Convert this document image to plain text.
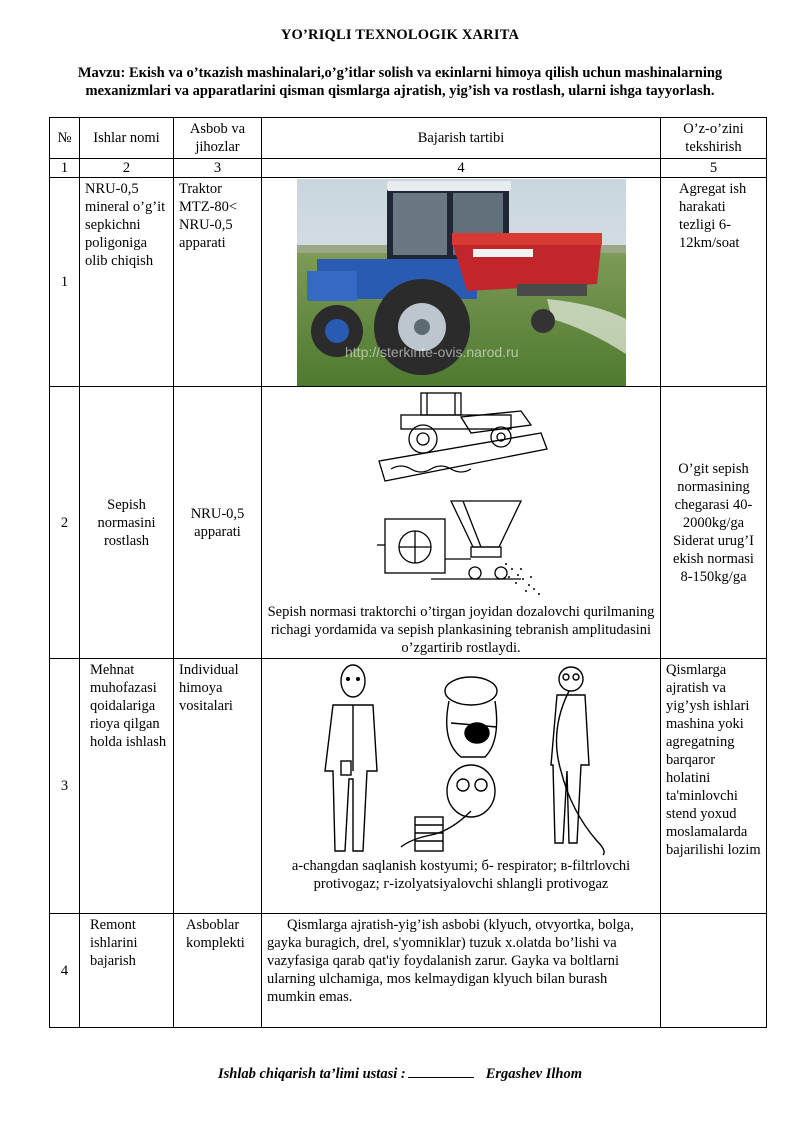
YO’RIQLI TEXNOLOGIK XARITA
Mavzu: Eкish va o’tкazish mashinalari,o’g’itlar solish va eкinlarni himoya qilish uchun mashinalarning mexanizmlari va apparatlarini qisman qismlarga ajratish, yig’ish va rostlash, ularni ishga tayyorlash.
№	Ishlar nomi	Asbob va jihozlar	Bajarish tartibi	O’z-o’zini tekshirish
1	2	3	4	5
1	NRU-0,5 mineral o’g’it sepkichni poligoniga olib chiqish	Traktor MTZ-80< NRU-0,5 apparati	http://sterkinte-ovis.narod.ru	Agregat ish harakati tezligi 6-12km/soat

2	Sepish normasini rostlash	NRU-0,5 apparati	Sepish normasi traktorchi o’tirgan joyidan dozalovchi qurilmaning richagi yordamida va sepish plankasining tebranish amplitudasini o’zgartirib rostlaydi.	O’git sepish normasining chegarasi 40-2000kg/ga Siderat urug’I ekish normasi 8-150kg/ga
3	Mehnat muhofazasi qoidalariga rioya qilgan holda ishlash	Individual himoya vositalari	a-changdan saqlanish kostyumi; б- respirator; в-filtrlovchi protivogaz; г-izolyatsiyalovchi shlangli protivogaz	Qismlarga ajratish va yig’ysh ishlari mashina yoki agregatning barqaror holatini ta'minlovchi stend yoxud moslamalarda bajarilishi lozim
4	Remont ishlarini bajarish	Asboblar komplekti	Qismlarga ajratish-yig’ish asbobi (klyuch, otvyortka, bolga, gayka buragich, drel, s'yomniklar) tuzuk x.olatda bo’lishi va vazyfasiga qarab qat'iy foydalanish zarur. Gayka va boltlarni ularning ulchamiga, mos kelmaydigan klyuch bilan burash mumkin emas.	

Ishlab chiqarish ta’limi ustasi :	Ergashev Ilhom
